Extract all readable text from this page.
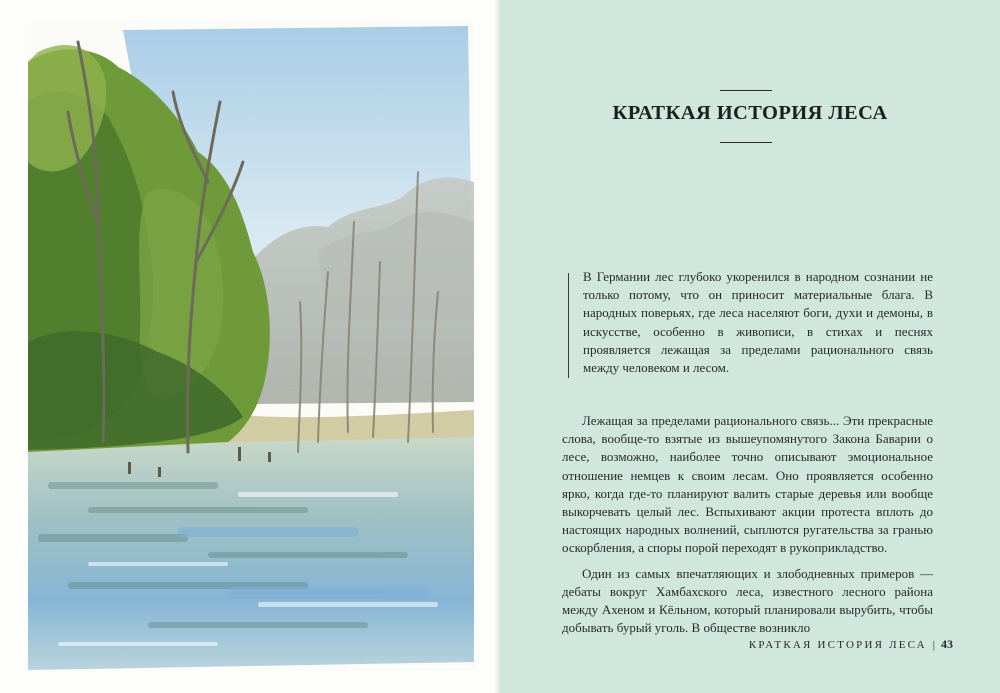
КРАТКАЯ ИСТОРИЯ ЛЕСА
В Германии лес глубоко укоренился в народном сознании не только потому, что он приносит материальные блага. В народных поверьях, где леса населяют боги, духи и демоны, в искусстве, особенно в живописи, в стихах и песнях проявляется лежащая за пределами рационального связь между человеком и лесом.

Лежащая за пределами рационального связь... Эти прекрасные слова, вообще-то взятые из вышеупомянутого Закона Баварии о лесе, возможно, наиболее точно описывают эмоциональное отношение немцев к своим лесам. Оно проявляется особенно ярко, когда где-то планируют валить старые деревья или вообще выкорчевать целый лес. Вспыхивают акции протеста вплоть до настоящих народных волнений, сыплются ругательства за гранью оскорбления, а споры порой переходят в рукоприкладство.

Один из самых впечатляющих и злободневных примеров — дебаты вокруг Хамбахского леса, известного лесного района между Ахеном и Кёльном, который планировали вырубить, чтобы добывать бурый уголь. В обществе возникло

КРАТКАЯ ИСТОРИЯ ЛЕСА | 43
